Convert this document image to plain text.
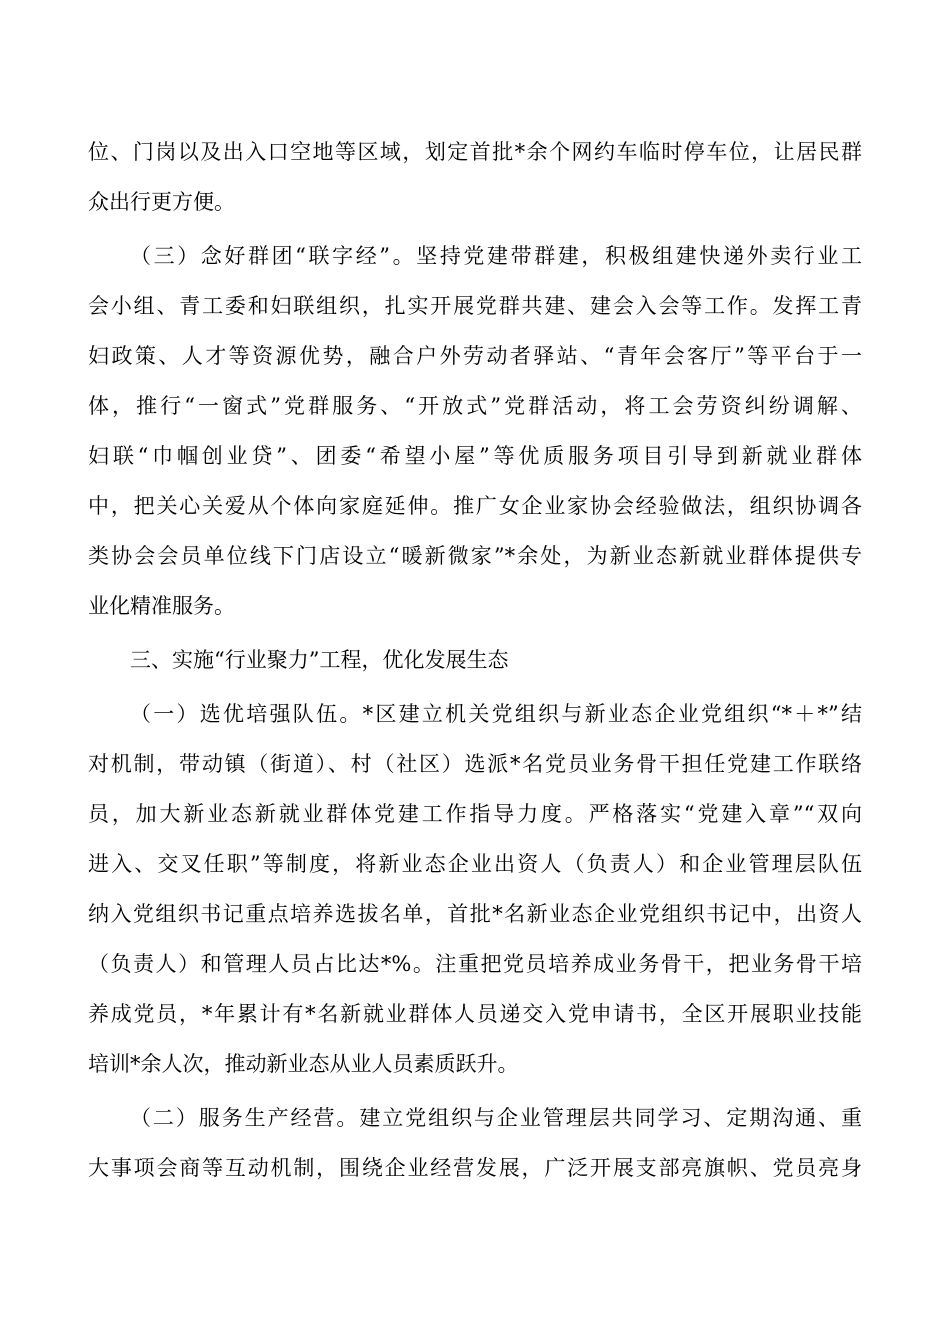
位、门岗以及出入口空地等区域，划定首批*余个网约车临时停车位，让居民群
众出行更方便。
（三）念好群团“联字经”。坚持党建带群建，积极组建快递外卖行业工
会小组、青工委和妇联组织，扎实开展党群共建、建会入会等工作。发挥工青
妇政策、人才等资源优势，融合户外劳动者驿站、“青年会客厅”等平台于一
体，推行“一窗式”党群服务、“开放式”党群活动，将工会劳资纠纷调解、
妇联“巾帼创业贷”、团委“希望小屋”等优质服务项目引导到新就业群体
中，把关心关爱从个体向家庭延伸。推广女企业家协会经验做法，组织协调各
类协会会员单位线下门店设立“暖新微家”*余处，为新业态新就业群体提供专
业化精准服务。
三、实施“行业聚力”工程，优化发展生态
（一）选优培强队伍。*区建立机关党组织与新业态企业党组织“*＋*”结
对机制，带动镇（街道）、村（社区）选派*名党员业务骨干担任党建工作联络
员，加大新业态新就业群体党建工作指导力度。严格落实“党建入章”“双向
进入、交叉任职”等制度，将新业态企业出资人（负责人）和企业管理层队伍
纳入党组织书记重点培养选拔名单，首批*名新业态企业党组织书记中，出资人
（负责人）和管理人员占比达*%。注重把党员培养成业务骨干，把业务骨干培
养成党员，*年累计有*名新就业群体人员递交入党申请书，全区开展职业技能
培训*余人次，推动新业态从业人员素质跃升。
（二）服务生产经营。建立党组织与企业管理层共同学习、定期沟通、重
大事项会商等互动机制，围绕企业经营发展，广泛开展支部亮旗帜、党员亮身
